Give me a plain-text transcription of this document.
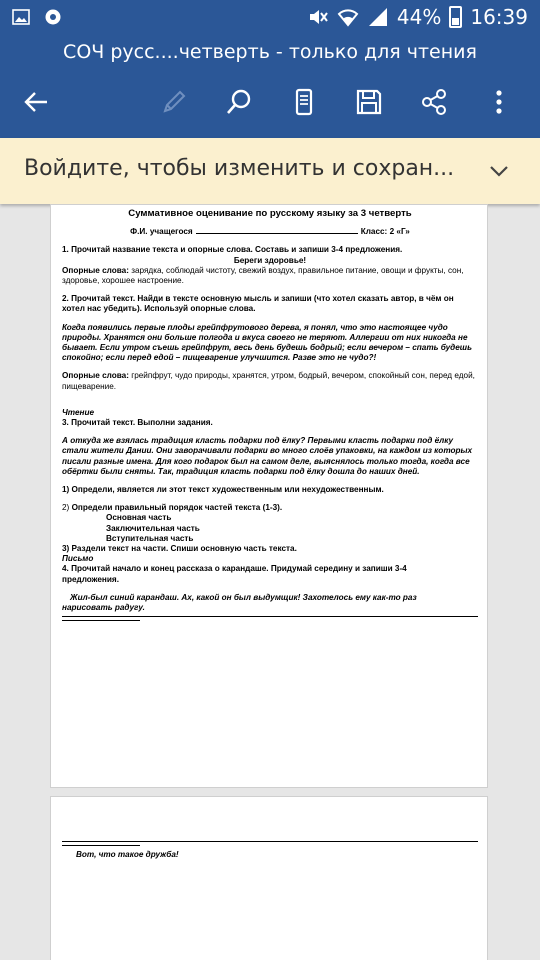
44% 16:39
СОЧ русс....четверть - только для чтения
Войдите, чтобы изменить и сохран...
Суммативное оценивание по русскому языку за 3 четверть
Ф.И. учащегося	Класс: 2 «Г»
1. Прочитай название текста и опорные слова. Составь и запиши 3-4 предложения.
Береги здоровье!
Опорные слова: зарядка, соблюдай чистоту, свежий воздух, правильное питание, овощи и фрукты, сон, здоровье, хорошее настроение.
2. Прочитай текст. Найди в тексте основную мысль и запиши (что хотел сказать автор, в чём он хотел нас убедить). Используй опорные слова.
Когда появились первые плоды грейпфрутового дерева, я понял, что это настоящее чудо природы. Хранятся они больше полгода и вкуса своего не теряют. Аллергии от них никогда не бывает. Если утром съешь грейпфрут, весь день будешь бодрый; если вечером – спать будешь спокойно; если перед едой – пищеварение улучшится. Разве это не чудо?!
Опорные слова: грейпфрут, чудо природы, хранятся, утром, бодрый, вечером, спокойный сон, перед едой, пищеварение.
Чтение
3. Прочитай текст. Выполни задания.
А откуда же взялась традиция класть подарки под ёлку? Первыми класть подарки под ёлку стали жители Дании. Они заворачивали подарки во много слоёв упаковки, на каждом из которых писали разные имена. Для кого подарок был на самом деле, выяснялось только тогда, когда все обёртки были сняты. Так, традиция класть подарки под ёлку дошла до наших дней.
1) Определи, является ли этот текст художественным или нехудожественным.
2) Определи правильный порядок частей текста (1-3).
Основная часть
Заключительная часть
Вступительная часть
3) Раздели текст на части. Спиши основную часть текста.
Письмо
4. Прочитай начало и конец рассказа о карандаше. Придумай середину и запиши 3-4
предложения.
Жил-был синий карандаш. Ах, какой он был выдумщик! Захотелось ему как-то раз
нарисовать радугу.
Вот, что такое дружба!
